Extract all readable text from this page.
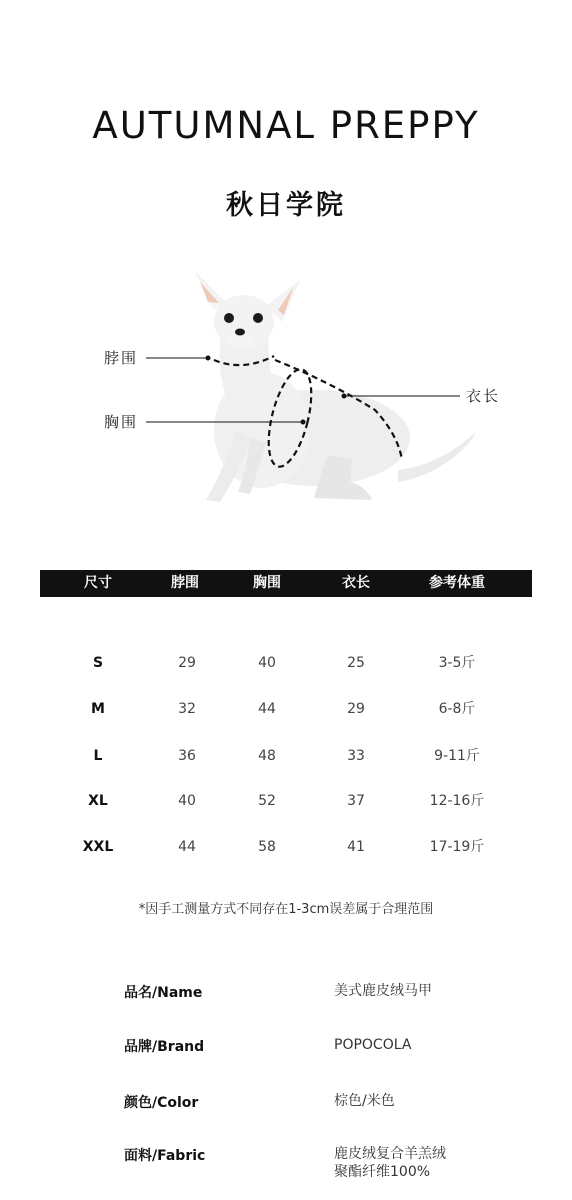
AUTUMNAL PREPPY
秋日学院
脖围
胸围
衣长
尺寸	脖围	胸围	衣长	参考体重
S	29	40	25	3-5斤
M	32	44	29	6-8斤
L	36	48	33	9-11斤
XL	40	52	37	12-16斤
XXL	44	58	41	17-19斤
*因手工测量方式不同存在1-3cm误差属于合理范围
品名/Name	美式鹿皮绒马甲
品牌/Brand	POPOCOLA
颜色/Color	棕色/米色
面料/Fabric	鹿皮绒复合羊羔绒
聚酯纤维100%
